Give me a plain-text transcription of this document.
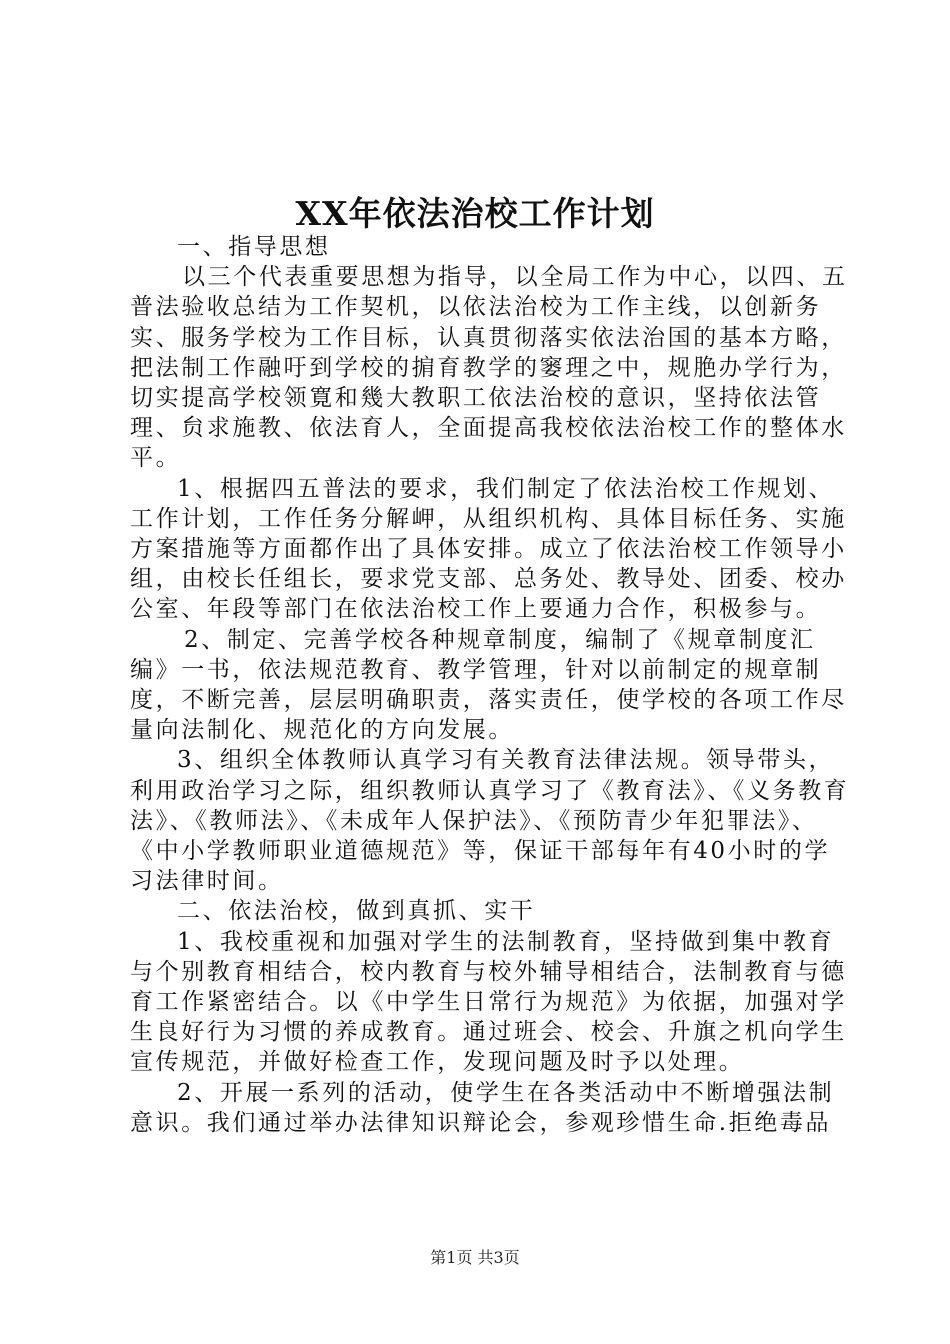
XX年依法治校工作计划

一、指导思想

以三个代表重要思想为指导，以全局工作为中心，以四、五普法验收总结为工作契机，以依法治校为工作主线，以创新务实、服务学校为工作目标，认真贯彻落实依法治国的基本方略，把法制工作融吁到学校的掮育教学的窭理之中，规脃办学行为，切实提高学校领寛和幾大教职工依法治校的意识，坚持依法管理、贠求施教、依法育人，全面提高我校依法治校工作的整体水平。

1、根据四五普法的要求，我们制定了依法治校工作规划、工作计划，工作任务分解岬，从组织机构、具体目标任务、实施方案措施等方面都作出了具体安排。成立了依法治校工作领导小组，由校长任组长，要求党支部、总务处、教导处、团委、校办公室、年段等部门在依法治校工作上要通力合作，积极参与。

2、制定、完善学校各种规章制度，编制了《规章制度汇编》一书，依法规范教育、教学管理，针对以前制定的规章制度，不断完善，层层明确职责，落实责任，使学校的各项工作尽量向法制化、规范化的方向发展。

3、组织全体教师认真学习有关教育法律法规。领导带头，利用政治学习之际，组织教师认真学习了《教育法》、《义务教育法》、《教师法》、《未成年人保护法》、《预防青少年犯罪法》、《中小学教师职业道德规范》等，保证干部每年有40小时的学习法律时间。

二、依法治校，做到真抓、实干

1、我校重视和加强对学生的法制教育，坚持做到集中教育与个别教育相结合，校内教育与校外辅导相结合，法制教育与德育工作紧密结合。以《中学生日常行为规范》为依据，加强对学生良好行为习惯的养成教育。通过班会、校会、升旗之机向学生宣传规范，并做好检查工作，发现问题及时予以处理。

2、开展一系列的活动，使学生在各类活动中不断增强法制意识。我们通过举办法律知识辩论会，参观珍惜生命.拒绝毒品

第1页 共3页
